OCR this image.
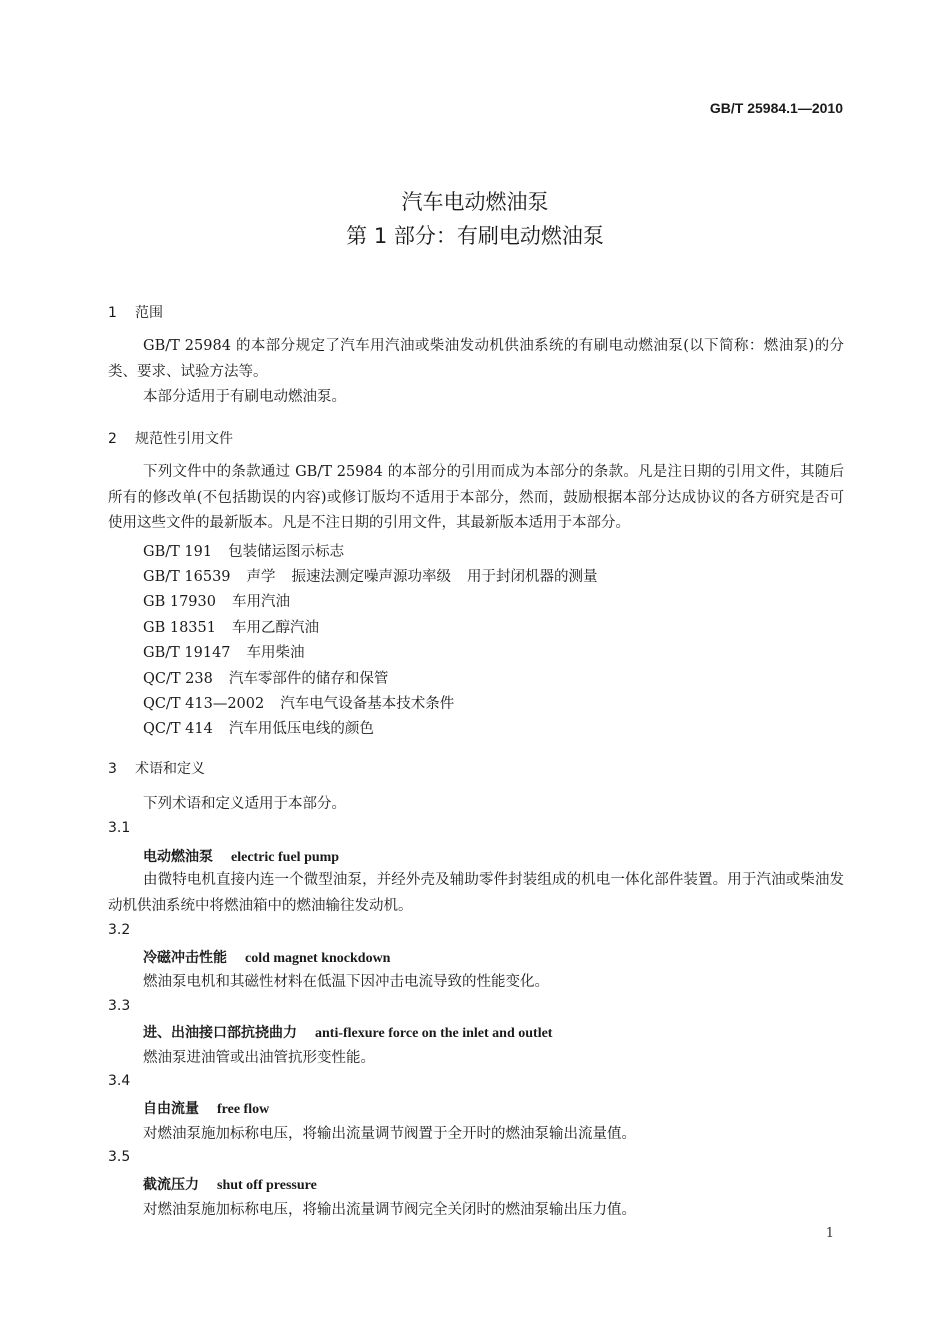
GB/T 25984.1—2010
汽车电动燃油泵
第 1 部分：有刷电动燃油泵
1 范围
GB/T 25984 的本部分规定了汽车用汽油或柴油发动机供油系统的有刷电动燃油泵(以下简称：燃油泵)的分类、要求、试验方法等。
本部分适用于有刷电动燃油泵。
2 规范性引用文件
下列文件中的条款通过 GB/T 25984 的本部分的引用而成为本部分的条款。凡是注日期的引用文件，其随后所有的修改单(不包括勘误的内容)或修订版均不适用于本部分，然而，鼓励根据本部分达成协议的各方研究是否可使用这些文件的最新版本。凡是不注日期的引用文件，其最新版本适用于本部分。
GB/T 191 包装储运图示标志
GB/T 16539 声学 振速法测定噪声源功率级 用于封闭机器的测量
GB 17930 车用汽油
GB 18351 车用乙醇汽油
GB/T 19147 车用柴油
QC/T 238 汽车零部件的储存和保管
QC/T 413—2002 汽车电气设备基本技术条件
QC/T 414 汽车用低压电线的颜色
3 术语和定义
下列术语和定义适用于本部分。
3.1
电动燃油泵 electric fuel pump
由微特电机直接内连一个微型油泵，并经外壳及辅助零件封装组成的机电一体化部件装置。用于汽油或柴油发动机供油系统中将燃油箱中的燃油输往发动机。
3.2
冷磁冲击性能 cold magnet knockdown
燃油泵电机和其磁性材料在低温下因冲击电流导致的性能变化。
3.3
进、出油接口部抗挠曲力 anti-flexure force on the inlet and outlet
燃油泵进油管或出油管抗形变性能。
3.4
自由流量 free flow
对燃油泵施加标称电压，将输出流量调节阀置于全开时的燃油泵输出流量值。
3.5
截流压力 shut off pressure
对燃油泵施加标称电压，将输出流量调节阀完全关闭时的燃油泵输出压力值。
1
